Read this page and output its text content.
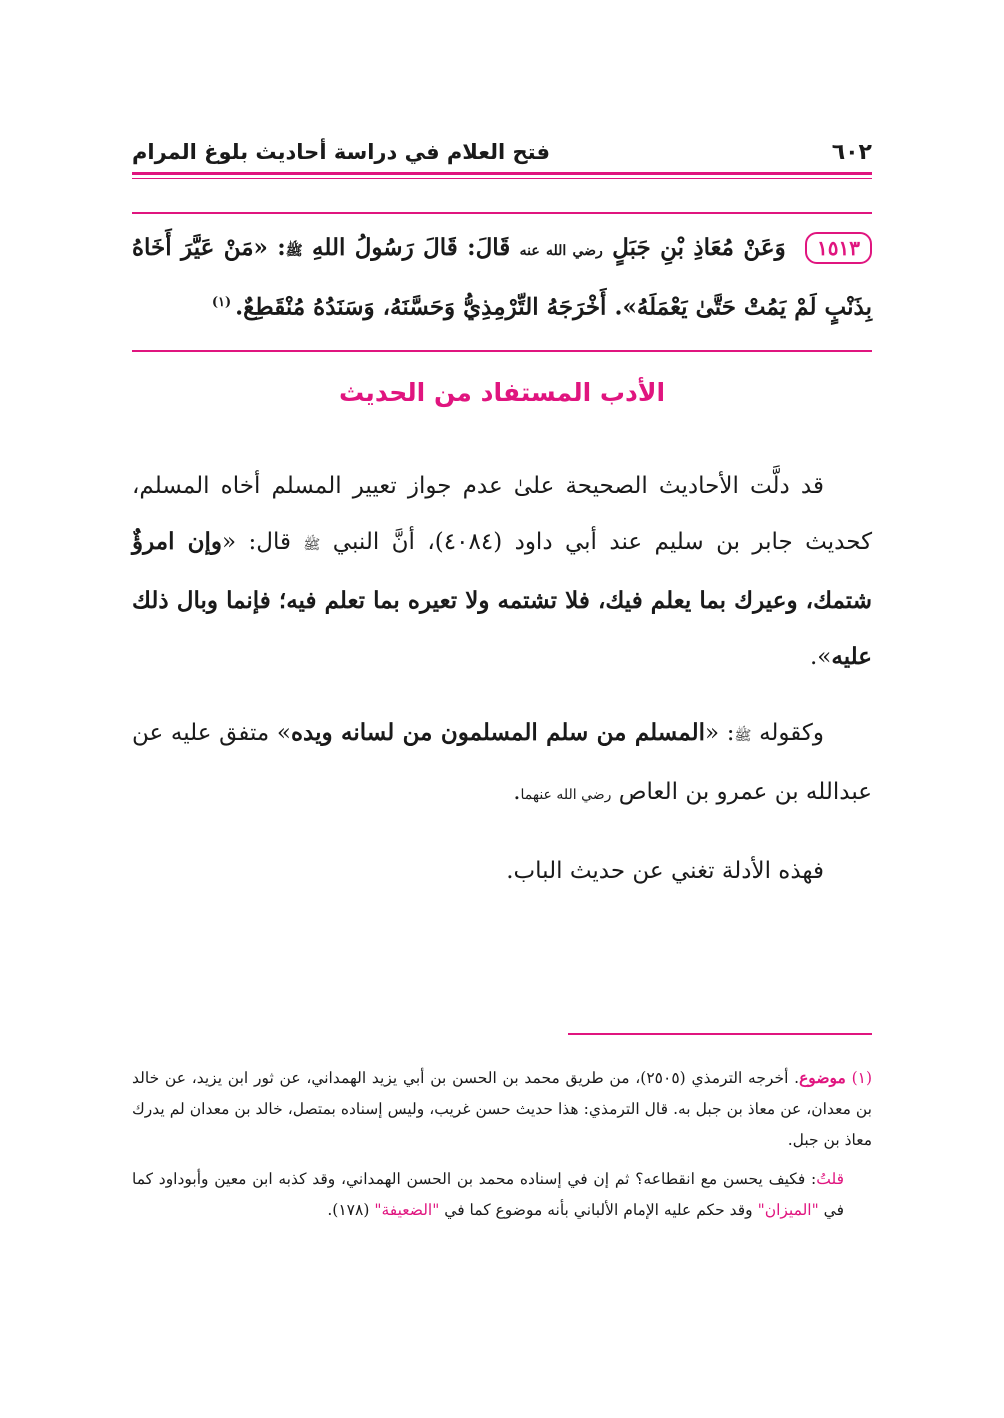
٦٠٢
فتح العلام في دراسة أحاديث بلوغ المرام
١٥١٣ وَعَنْ مُعَاذِ بْنِ جَبَلٍ رضي الله عنه قَالَ: قَالَ رَسُولُ اللهِ ﷺ: «مَنْ عَيَّرَ أَخَاهُ بِذَنْبٍ لَمْ يَمُتْ حَتَّىٰ يَعْمَلَهُ». أَخْرَجَهُ التِّرْمِذِيُّ وَحَسَّنَهُ، وَسَنَدُهُ مُنْقَطِعٌ.$^{(١)}$
الأدب المستفاد من الحديث

قد دلَّت الأحاديث الصحيحة علىٰ عدم جواز تعيير المسلم أخاه المسلم، كحديث جابر بن سليم عند أبي داود (٤٠٨٤)، أنَّ النبي ﷺ قال: «وإن امرؤٌ شتمك، وعيرك بما يعلم فيك، فلا تشتمه ولا تعيره بما تعلم فيه؛ فإنما وبال ذلك عليه».

وكقوله ﷺ: «المسلم من سلم المسلمون من لسانه ويده» متفق عليه عن عبدالله بن عمرو بن العاص رضي الله عنهما.

فهذه الأدلة تغني عن حديث الباب.

(١) موضوع. أخرجه الترمذي (٢٥٠٥)، من طريق محمد بن الحسن بن أبي يزيد الهمداني، عن ثور ابن يزيد، عن خالد بن معدان، عن معاذ بن جبل به. قال الترمذي: هذا حديث حسن غريب، وليس إسناده بمتصل، خالد بن معدان لم يدرك معاذ بن جبل.

قلتُ: فكيف يحسن مع انقطاعه؟ ثم إن في إسناده محمد بن الحسن الهمداني، وقد كذبه ابن معين وأبوداود كما في "الميزان" وقد حكم عليه الإمام الألباني بأنه موضوع كما في "الضعيفة" (١٧٨).
